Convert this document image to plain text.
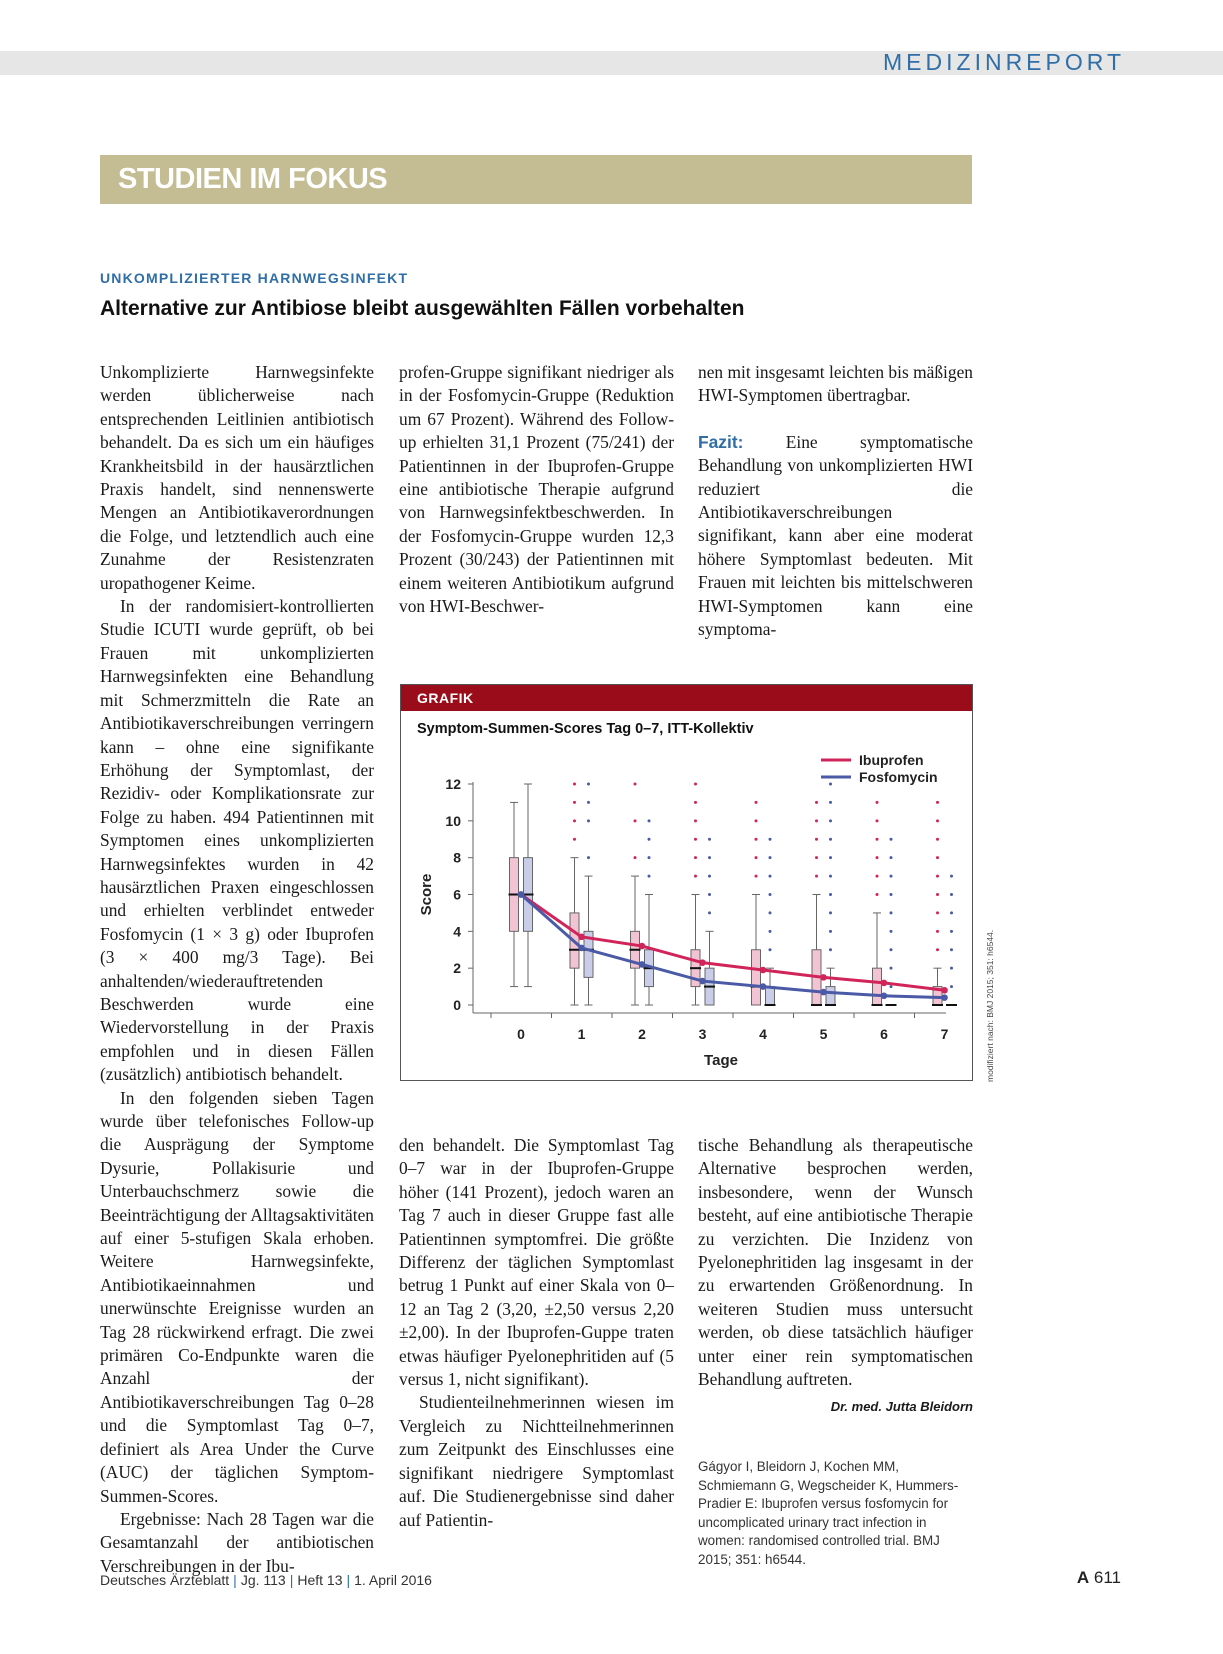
MEDIZINREPORT
STUDIEN IM FOKUS
UNKOMPLIZIERTER HARNWEGSINFEKT
Alternative zur Antibiose bleibt ausgewählten Fällen vorbehalten

Unkomplizierte Harnwegsinfekte werden üblicherweise nach entsprechenden Leitlinien antibiotisch behandelt. Da es sich um ein häufiges Krankheitsbild in der hausärztlichen Praxis handelt, sind nennenswerte Mengen an Antibiotikaverordnungen die Folge, und letztendlich auch eine Zunahme der Resistenzraten uropathogener Keime.

In der randomisiert-kontrollierten Studie ICUTI wurde geprüft, ob bei Frauen mit unkomplizierten Harnwegsinfekten eine Behandlung mit Schmerzmitteln die Rate an Antibiotikaverschreibungen verringern kann – ohne eine signifikante Erhöhung der Symptomlast, der Rezidiv- oder Komplikationsrate zur Folge zu haben. 494 Patientinnen mit Symptomen eines unkomplizierten Harnwegsinfektes wurden in 42 hausärztlichen Praxen eingeschlossen und erhielten verblindet entweder Fosfomycin (1 × 3 g) oder Ibuprofen (3 × 400 mg/3 Tage). Bei anhaltenden/wiederauftretenden Beschwerden wurde eine Wiedervorstellung in der Praxis empfohlen und in diesen Fällen (zusätzlich) antibiotisch behandelt.

In den folgenden sieben Tagen wurde über telefonisches Follow-up die Ausprägung der Symptome Dysurie, Pollakisurie und Unterbauchschmerz sowie die Beeinträchtigung der Alltagsaktivitäten auf einer 5-stufigen Skala erhoben. Weitere Harnwegsinfekte, Antibiotikaeinnahmen und unerwünschte Ereignisse wurden an Tag 28 rückwirkend erfragt. Die zwei primären Co-Endpunkte waren die Anzahl der Antibiotikaverschreibungen Tag 0–28 und die Symptomlast Tag 0–7, definiert als Area Under the Curve (AUC) der täglichen Symptom-Summen-Scores.

Ergebnisse: Nach 28 Tagen war die Gesamtanzahl der antibiotischen Verschreibungen in der Ibu-

profen-Gruppe signifikant niedriger als in der Fosfomycin-Gruppe (Reduktion um 67 Prozent). Während des Follow-up erhielten 31,1 Prozent (75/241) der Patientinnen in der Ibuprofen-Gruppe eine antibiotische Therapie aufgrund von Harnwegsinfektbeschwerden. In der Fosfomycin-Gruppe wurden 12,3 Prozent (30/243) der Patientinnen mit einem weiteren Antibiotikum aufgrund von HWI-Beschwer-

nen mit insgesamt leichten bis mäßigen HWI-Symptomen übertragbar.

Fazit: Eine symptomatische Behandlung von unkomplizierten HWI reduziert die Antibiotikaverschreibungen signifikant, kann aber eine moderat höhere Symptomlast bedeuten. Mit Frauen mit leichten bis mittelschweren HWI-Symptomen kann eine symptoma-

GRAFIK
Symptom-Summen-Scores Tag 0–7, ITT-Kollektiv
0
2
4
6
8
10
12
0	1	2	3	4	5	6	7
Tage
Score
Ibuprofen
Fosfomycin
modifiziert nach: BMJ 2015; 351: h6544.

den behandelt. Die Symptomlast Tag 0–7 war in der Ibuprofen-Gruppe höher (141 Prozent), jedoch waren an Tag 7 auch in dieser Gruppe fast alle Patientinnen symptomfrei. Die größte Differenz der täglichen Symptomlast betrug 1 Punkt auf einer Skala von 0–12 an Tag 2 (3,20, ±2,50 versus 2,20 ±2,00). In der Ibuprofen-Guppe traten etwas häufiger Pyelonephritiden auf (5 versus 1, nicht signifikant).

Studienteilnehmerinnen wiesen im Vergleich zu Nichtteilnehmerinnen zum Zeitpunkt des Einschlusses eine signifikant niedrigere Symptomlast auf. Die Studienergebnisse sind daher auf Patientin-

tische Behandlung als therapeutische Alternative besprochen werden, insbesondere, wenn der Wunsch besteht, auf eine antibiotische Therapie zu verzichten. Die Inzidenz von Pyelonephritiden lag insgesamt in der zu erwartenden Größenordnung. In weiteren Studien muss untersucht werden, ob diese tatsächlich häufiger unter einer rein symptomatischen Behandlung auftreten.

Dr. med. Jutta Bleidorn
Gágyor I, Bleidorn J, Kochen MM, Schmiemann G, Wegscheider K, Hummers-Pradier E: Ibuprofen versus fosfomycin for uncomplicated urinary tract infection in women: randomised controlled trial. BMJ 2015; 351: h6544.
Deutsches Ärzteblatt | Jg. 113 | Heft 13 | 1. April 2016	A 611
